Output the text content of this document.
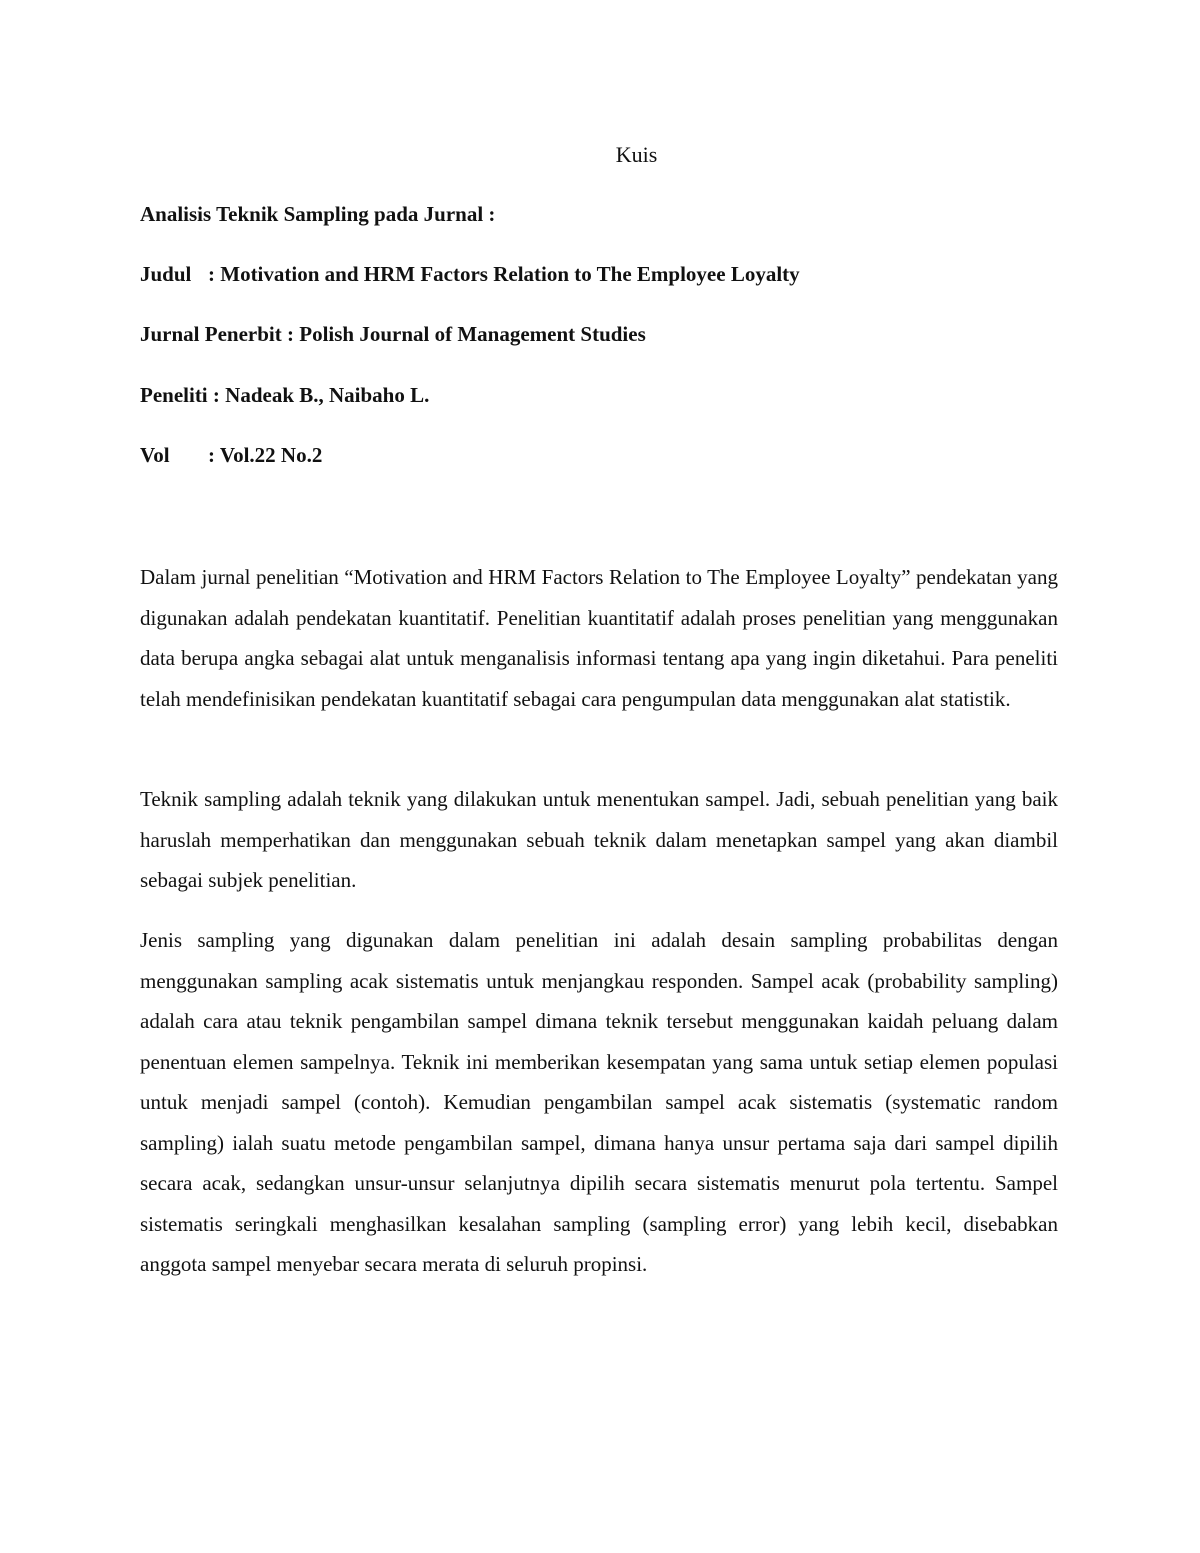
Kuis

Analisis Teknik Sampling pada Jurnal :

Judul : Motivation and HRM Factors Relation to The Employee Loyalty

Jurnal Penerbit : Polish Journal of Management Studies

Peneliti : Nadeak B., Naibaho L.

Vol : Vol.22 No.2

Dalam jurnal penelitian “Motivation and HRM Factors Relation to The Employee Loyalty” pendekatan yang digunakan adalah pendekatan kuantitatif. Penelitian kuantitatif adalah proses penelitian yang menggunakan data berupa angka sebagai alat untuk menganalisis informasi tentang apa yang ingin diketahui. Para peneliti telah mendefinisikan pendekatan kuantitatif sebagai cara pengumpulan data menggunakan alat statistik.

Teknik sampling adalah teknik yang dilakukan untuk menentukan sampel. Jadi, sebuah penelitian yang baik haruslah memperhatikan dan menggunakan sebuah teknik dalam menetapkan sampel yang akan diambil sebagai subjek penelitian.

Jenis sampling yang digunakan dalam penelitian ini adalah desain sampling probabilitas dengan menggunakan sampling acak sistematis untuk menjangkau responden. Sampel acak (probability sampling) adalah cara atau teknik pengambilan sampel dimana teknik tersebut menggunakan kaidah peluang dalam penentuan elemen sampelnya. Teknik ini memberikan kesempatan yang sama untuk setiap elemen populasi untuk menjadi sampel (contoh). Kemudian pengambilan sampel acak sistematis (systematic random sampling) ialah suatu metode pengambilan sampel, dimana hanya unsur pertama saja dari sampel dipilih secara acak, sedangkan unsur-unsur selanjutnya dipilih secara sistematis menurut pola tertentu. Sampel sistematis seringkali menghasilkan kesalahan sampling (sampling error) yang lebih kecil, disebabkan anggota sampel menyebar secara merata di seluruh propinsi.
